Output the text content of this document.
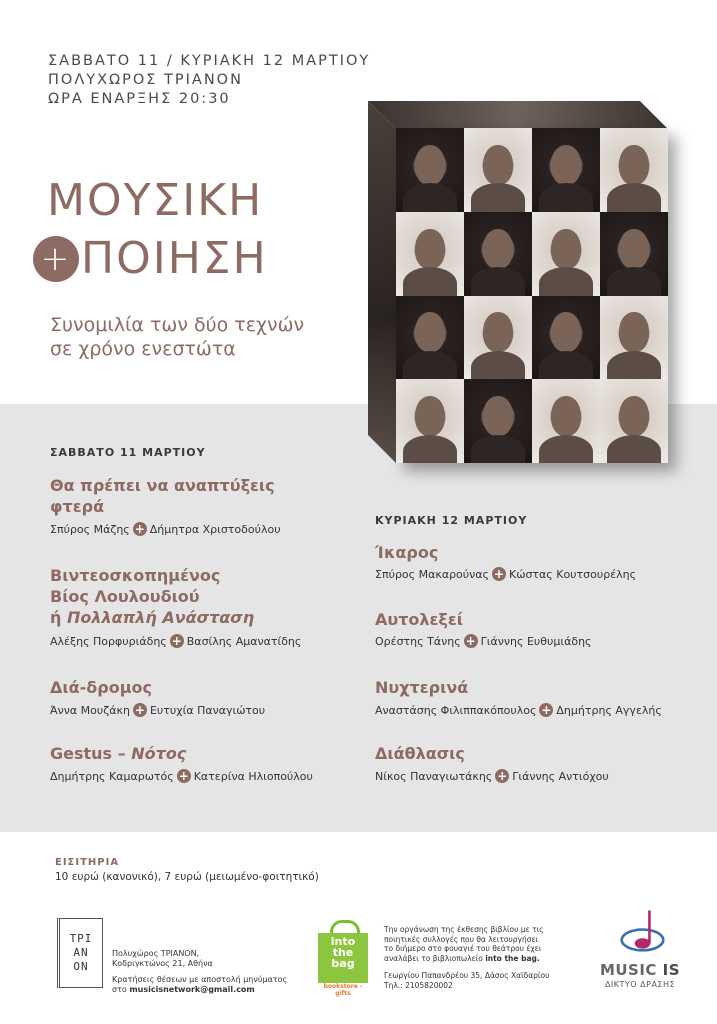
ΣΑΒΒΑΤΟ 11 / ΚΥΡΙΑΚΗ 12 ΜΑΡΤΙΟΥ
ΠΟΛΥΧΩΡΟΣ ΤΡΙΑΝΟΝ
ΩΡΑ ΕΝΑΡΞΗΣ 20:30
ΜΟΥΣΙΚΗ
+ ΠΟΙΗΣΗ
Συνομιλία των δύο τεχνών
σε χρόνο ενεστώτα
ΣΑΒΒΑΤΟ 11 ΜΑΡΤΙΟΥ
Θα πρέπει να αναπτύξεις
φτερά
Σπύρος Μάζης + Δήμητρα Χριστοδούλου
Βιντεοσκοπημένος
Βίος Λουλουδιού
ή Πολλαπλή Ανάσταση
Αλέξης Πορφυριάδης + Βασίλης Αμανατίδης
Διά-δρομος
Άννα Μουζάκη + Ευτυχία Παναγιώτου
Gestus – Νότος
Δημήτρης Καμαρωτός + Κατερίνα Ηλιοπούλου
ΚΥΡΙΑΚΗ 12 ΜΑΡΤΙΟΥ
Ίκαρος
Σπύρος Μακαρούνας + Κώστας Κουτσουρέλης
Αυτολεξεί
Ορέστης Τάνης + Γιάννης Ευθυμιάδης
Νυχτερινά
Αναστάσης Φιλιππακόπουλος + Δημήτρης Αγγελής
Διάθλασις
Νίκος Παναγιωτάκης + Γιάννης Αντιόχου
ΕΙΣΙΤΗΡΙΑ
10 ευρώ (κανονικό), 7 ευρώ (μειωμένο-φοιτητικό)
ΤΡΙ
ΑΝ
ΟΝ
Πολυχώρος ΤΡΙΑΝΟΝ,
Κοδριγκτώνος 21, Αθήνα
Κρατήσεις θέσεων με αποστολή μηνύματος
στο musicisnetwork@gmail.com
into
the
bag
bookstore - gifts
Την οργάνωση της έκθεσης βιβλίου με τις
ποιητικές συλλογές που θα λειτουργήσει
το διήμερο στο φουαγιέ του θεάτρου έχει
αναλάβει το βιβλιοπωλείο into the bag.
Γεωργίου Παπανδρέου 35, Δάσος Χαϊδαρίου
Τηλ.: 2105820002
MUSIC IS
ΔΙΚΤΥΟ ΔΡΑΣΗΣ
